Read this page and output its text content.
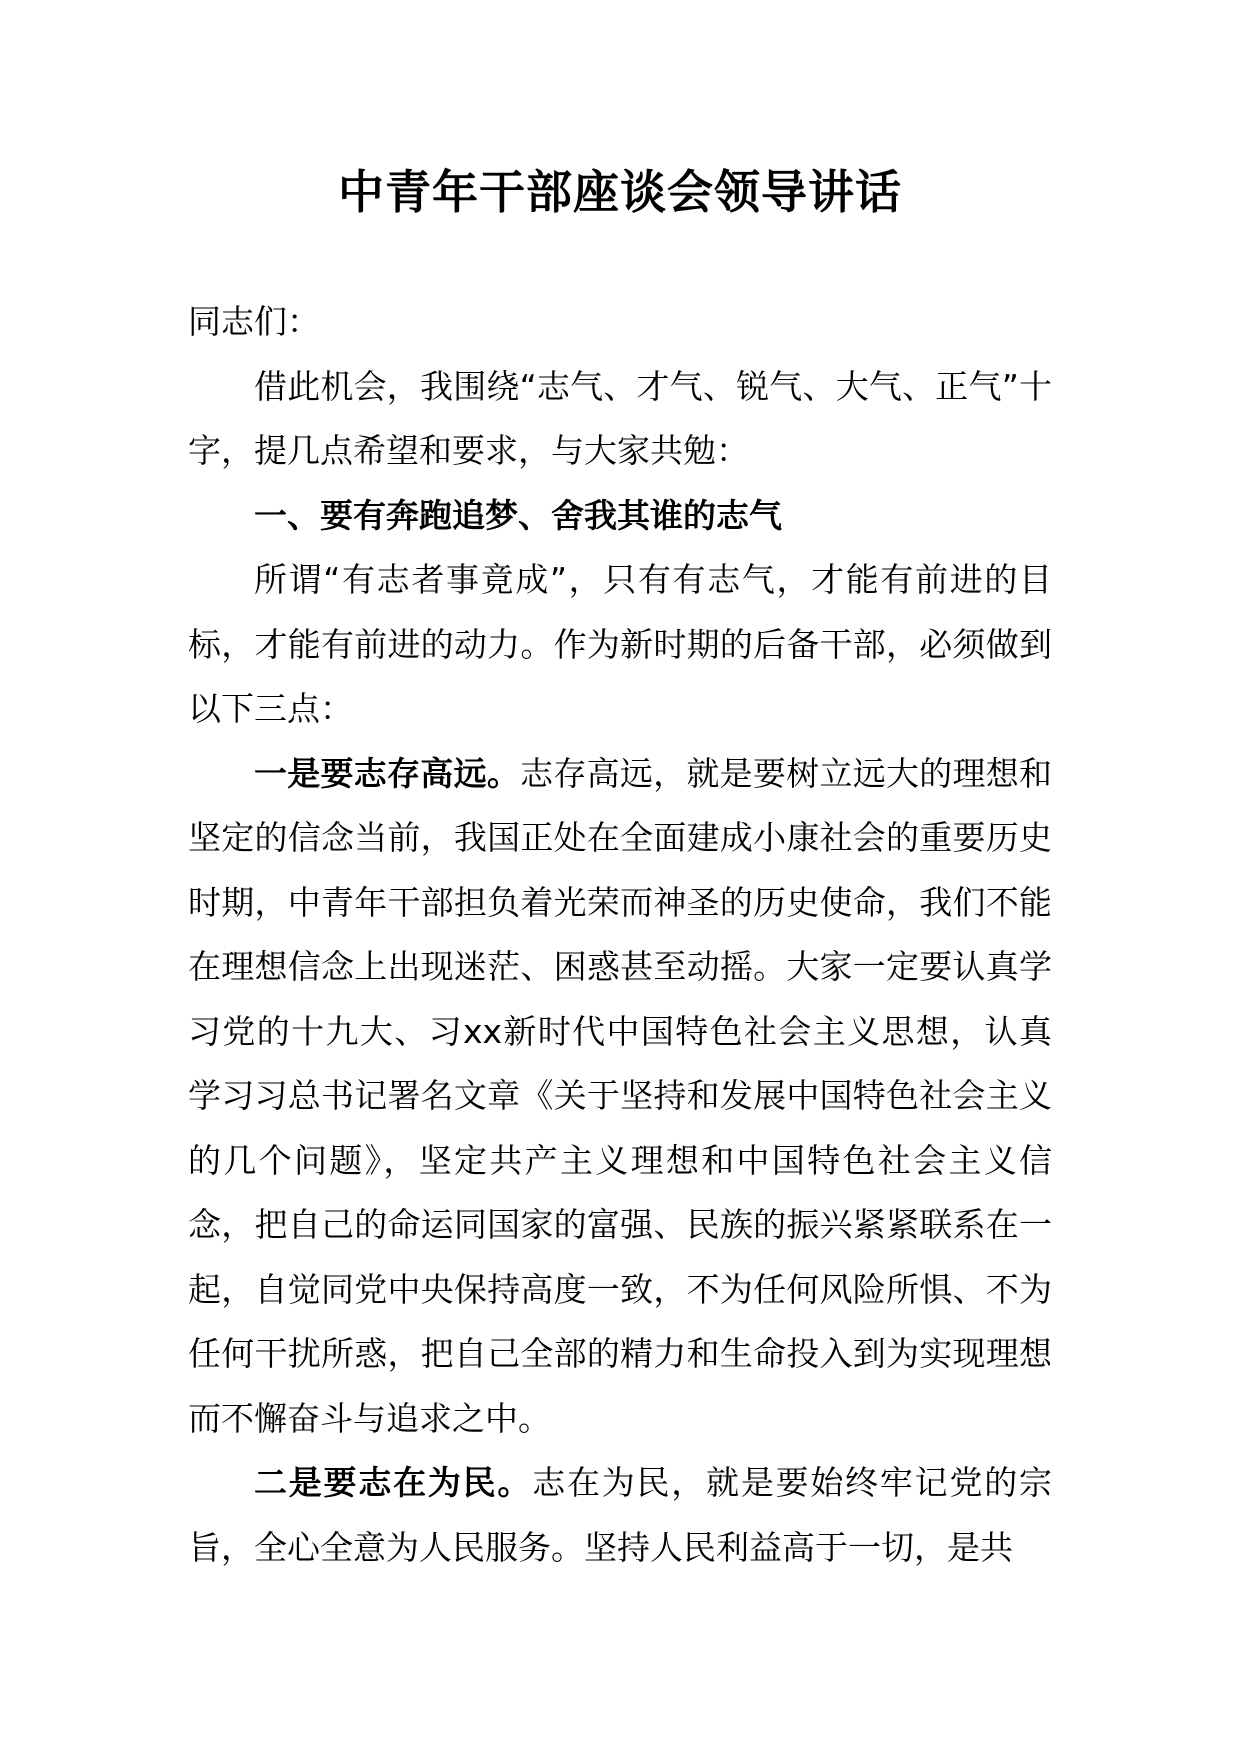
中青年干部座谈会领导讲话

同志们：

借此机会，我围绕“志气、才气、锐气、大气、正气”十字，提几点希望和要求，与大家共勉：

一、要有奔跑追梦、舍我其谁的志气

所谓“有志者事竟成”，只有有志气，才能有前进的目标，才能有前进的动力。作为新时期的后备干部，必须做到以下三点：

一是要志存高远。志存高远，就是要树立远大的理想和坚定的信念当前，我国正处在全面建成小康社会的重要历史时期，中青年干部担负着光荣而神圣的历史使命，我们不能在理想信念上出现迷茫、困惑甚至动摇。大家一定要认真学习党的十九大、习xx新时代中国特色社会主义思想，认真学习习总书记署名文章《关于坚持和发展中国特色社会主义的几个问题》，坚定共产主义理想和中国特色社会主义信念，把自己的命运同国家的富强、民族的振兴紧紧联系在一起，自觉同党中央保持高度一致，不为任何风险所惧、不为任何干扰所惑，把自己全部的精力和生命投入到为实现理想而不懈奋斗与追求之中。

二是要志在为民。志在为民，就是要始终牢记党的宗旨，全心全意为人民服务。坚持人民利益高于一切，是共
